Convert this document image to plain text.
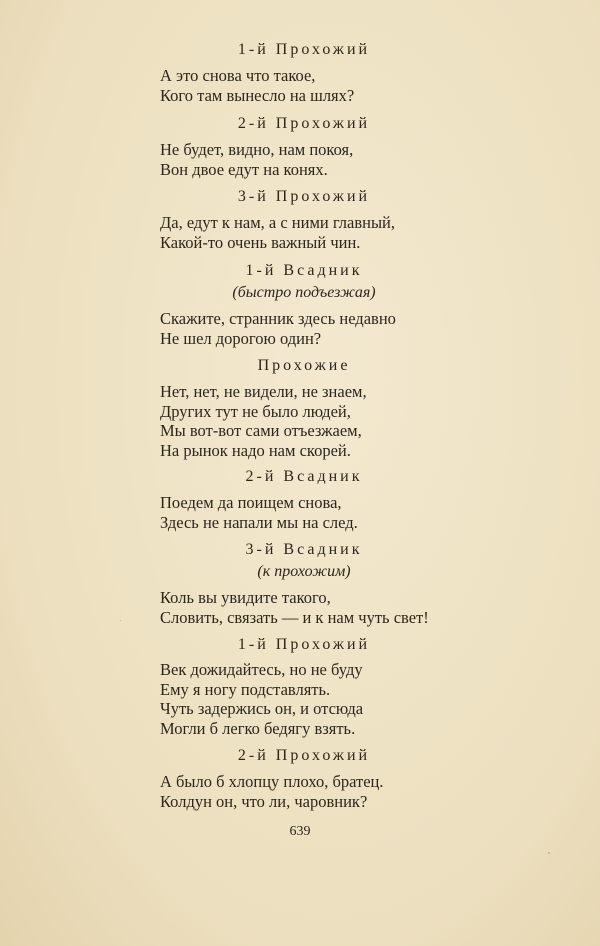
1-й Прохожий
А это снова что такое,
Кого там вынесло на шлях?
2-й Прохожий
Не будет, видно, нам покоя,
Вон двое едут на конях.
3-й Прохожий
Да, едут к нам, а с ними главный,
Какой-то очень важный чин.
1-й Всадник
(быстро подъезжая)
Скажите, странник здесь недавно
Не шел дорогою один?
Прохожие
Нет, нет, не видели, не знаем,
Других тут не было людей,
Мы вот-вот сами отъезжаем,
На рынок надо нам скорей.
2-й Всадник
Поедем да поищем снова,
Здесь не напали мы на след.
3-й Всадник
(к прохожим)
Коль вы увидите такого,
Словить, связать — и к нам чуть свет!
1-й Прохожий
Век дожидайтесь, но не буду
Ему я ногу подставлять.
Чуть задержись он, и отсюда
Могли б легко бедягу взять.
2-й Прохожий
А было б хлопцу плохо, братец.
Колдун он, что ли, чаровник?
639
